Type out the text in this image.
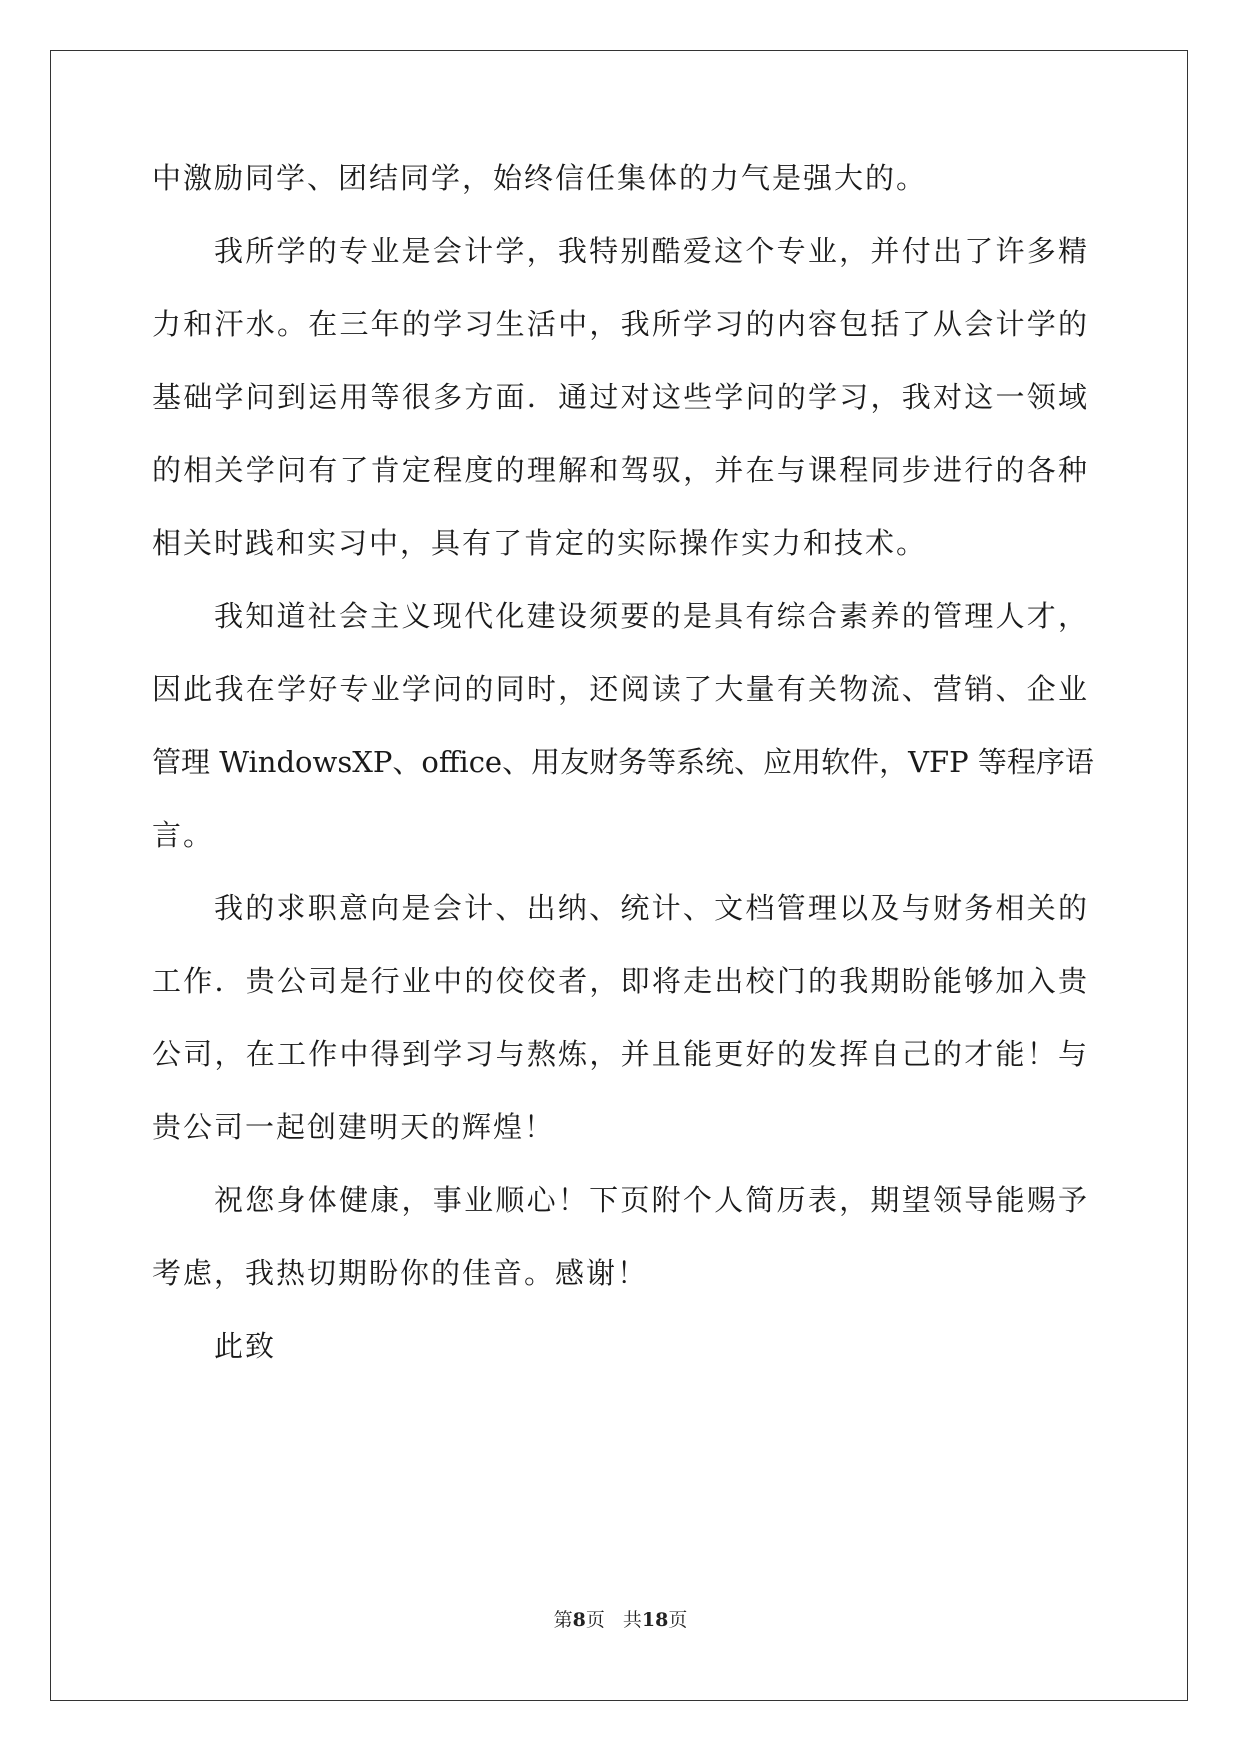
中激励同学、团结同学，始终信任集体的力气是强大的。
我所学的专业是会计学，我特别酷爱这个专业，并付出了许多精
力和汗水。在三年的学习生活中，我所学习的内容包括了从会计学的
基础学问到运用等很多方面．通过对这些学问的学习，我对这一领域
的相关学问有了肯定程度的理解和驾驭，并在与课程同步进行的各种
相关时践和实习中，具有了肯定的实际操作实力和技术。
我知道社会主义现代化建设须要的是具有综合素养的管理人才，
因此我在学好专业学问的同时，还阅读了大量有关物流、营销、企业
管理 WindowsXP、office、用友财务等系统、应用软件，VFP 等程序语
言。
我的求职意向是会计、出纳、统计、文档管理以及与财务相关的
工作．贵公司是行业中的佼佼者，即将走出校门的我期盼能够加入贵
公司，在工作中得到学习与熬炼，并且能更好的发挥自己的才能！与
贵公司一起创建明天的辉煌！
祝您身体健康，事业顺心！下页附个人简历表，期望领导能赐予
考虑，我热切期盼你的佳音。感谢！
此致
第8页 共18页
